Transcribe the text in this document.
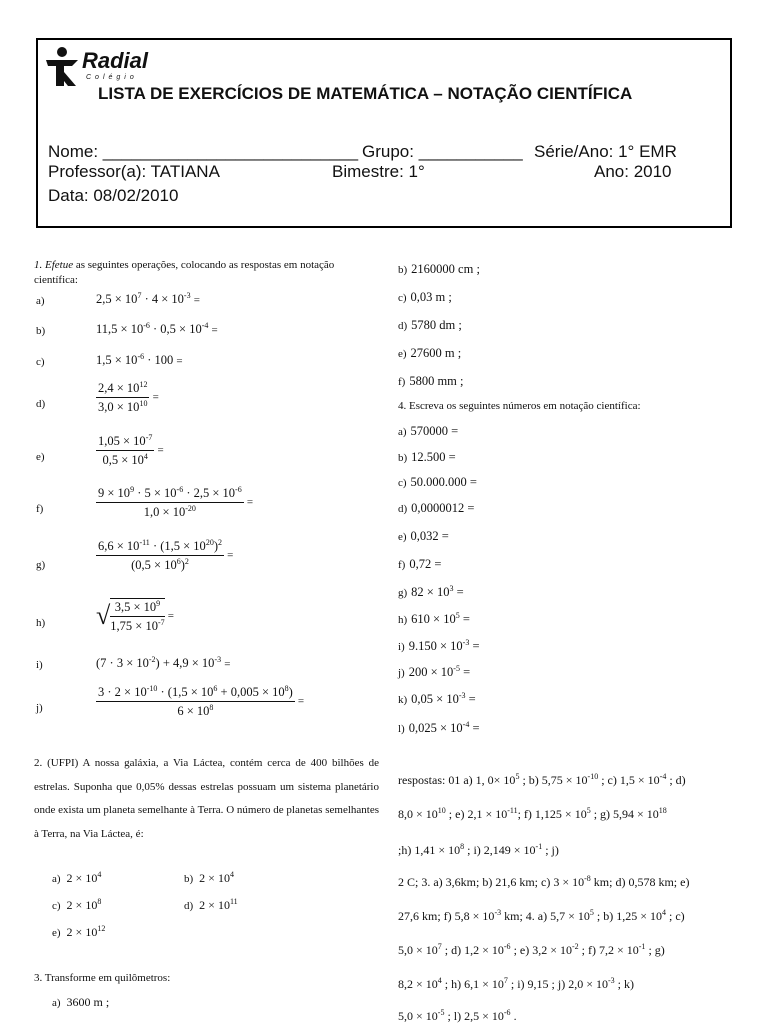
Radial
Colégio
LISTA DE EXERCÍCIOS DE MATEMÁTICA – NOTAÇÃO CIENTÍFICA
Nome: ___________________________ Grupo: ___________ Série/Ano: 1° EMR
Professor(a): TATIANA	Bimestre: 1°	Ano: 2010
Data: 08/02/2010
1. Efetue as seguintes operações, colocando as respostas em notação científica:
a)	$2,5 \times 10^7 \cdot 4 \times 10^{-3}$ =
b)	$11,5 \times 10^{-6} \cdot 0,5 \times 10^{-4}$ =
c)	$1,5 \times 10^{-6} \cdot 100$ =
d)	$\frac{2,4 \times 10^{12}}{3,0 \times 10^{10}}$ =
e)	$\frac{1,05 \times 10^{-7}}{0,5 \times 10^4}$ =
f)	$\frac{9 \times 10^9 \cdot 5 \times 10^{-6} \cdot 2,5 \times 10^{-6}}{1,0 \times 10^{-20}}$ =
g)	$\frac{6,6 \times 10^{-11} \cdot (1,5 \times 10^{20})^2}{(0,5 \times 10^6)^2}$ =
h) √ $\frac{3,5 \times 10^9}{1,75 \times 10^{-7}}$ =
i)	$(7 \cdot 3 \times 10^{-2}) + 4,9 \times 10^{-3}$ =
j)	$\frac{3 \cdot 2 \times 10^{-10} \cdot (1,5 \times 10^6 + 0,005 \times 10^8)}{6 \times 10^8}$ =
2. (UFPI) A nossa galáxia, a Via Láctea, contém cerca de 400 bilhões de estrelas. Suponha que 0,05% dessas estrelas possuam um sistema planetário onde exista um planeta semelhante à Terra. O número de planetas semelhantes à Terra, na Via Láctea, é:
a) $2 \times 10^4$	b) $2 \times 10^4$
c) $2 \times 10^8$	d) $2 \times 10^{11}$
e) $2 \times 10^{12}$
3. Transforme em quilômetros:
a) 3600 m ;
b) 2160000 cm ;
c) 0,03 m ;
d) 5780 dm ;
e) 27600 m ;
f) 5800 mm ;
4. Escreva os seguintes números em notação científica:
a) 570000 =
b) 12.500 =
c) 50.000.000 =
d) 0,0000012 =
e) 0,032 =
f) 0,72 =
g) $82 \times 10^3$ =
h) $610 \times 10^5$ =
i) $9.150 \times 10^{-3}$ =
j) $200 \times 10^{-5}$ =
k) $0,05 \times 10^{-3}$ =
l) $0,025 \times 10^{-4}$ =
respostas: 01 a) 1, $0\times 10^5$ ; b) $5,75 \times 10^{-10}$ ; c) $1,5 \times 10^{-4}$ ; d)
$8,0 \times 10^{10}$ ; e) $2,1 \times 10^{-11}$; f) $1,125 \times 10^5$ ; g) $5,94 \times 10^{18}$
;h) $1,41 \times 10^8$ ; i) $2,149 \times 10^{-1}$ ; j)
2 C; 3. a) 3,6km; b) 21,6 km; c) $3 \times 10^{-8}$ km; d) 0,578 km; e)
27,6 km; f) $5,8 \times 10^{-3}$ km; 4. a) $5,7 \times 10^5$ ; b) $1,25 \times 10^4$ ; c)
$5,0 \times 10^7$ ; d) $1,2 \times 10^{-6}$ ; e) $3,2 \times 10^{-2}$ ; f) $7,2 \times 10^{-1}$ ; g)
$8,2 \times 10^4$ ; h) $6,1 \times 10^7$ ; i) 9,15 ; j) $2,0 \times 10^{-3}$ ; k)
$5,0 \times 10^{-5}$ ; l) $2,5 \times 10^{-6}$ .
